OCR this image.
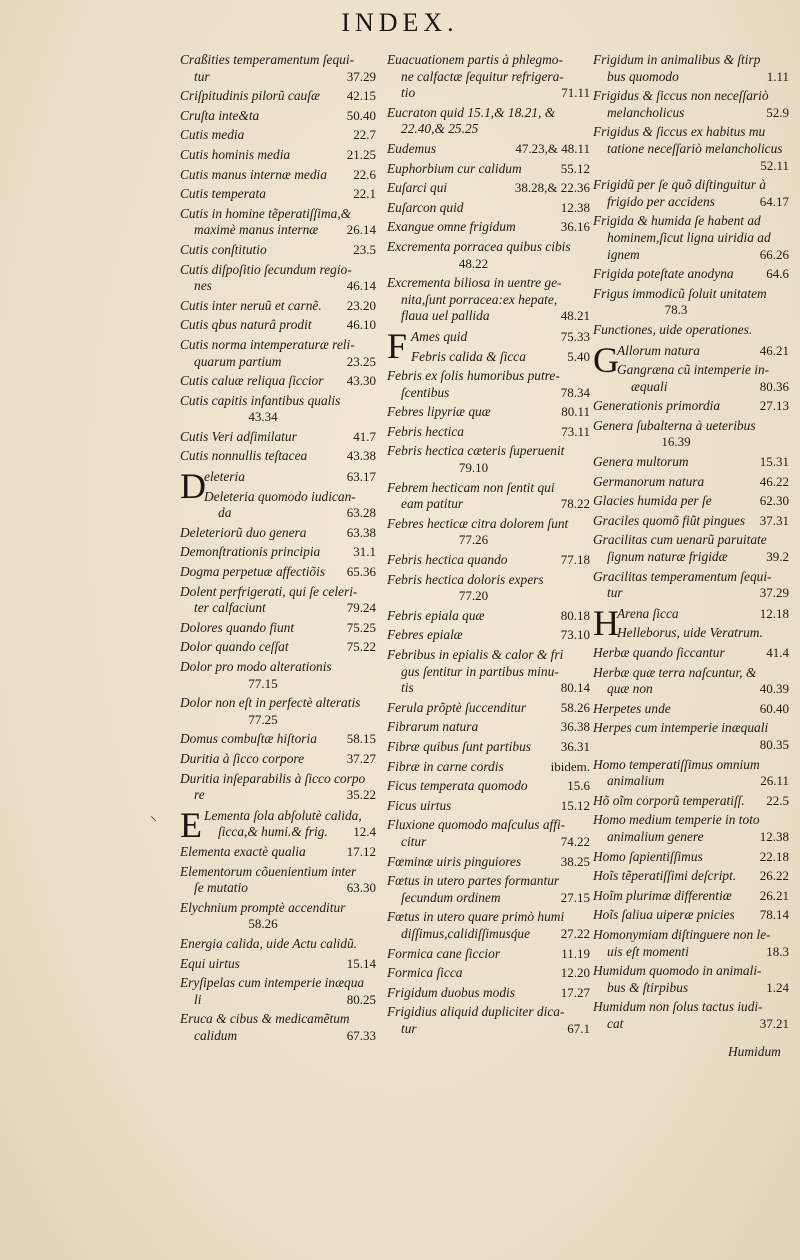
INDEX.
Craßities temperamentum ſequi-
tur	37.29
Criſpitudinis pilorũ cauſæ 42.15
Cruſta inte&ta	50.40
Cutis media	22.7
Cutis hominis media	21.25
Cutis manus internæ media 22.6
Cutis temperata	22.1
Cutis in homine tẽperatiſſima,&
maximè manus internæ	26.14
Cutis conſtitutio	23.5
Cutis diſpoſitio ſecundum regio-
nes	46.14
Cutis inter neruũ et carnẽ. 23.20
Cutis qbus naturâ prodit	46.10
Cutis norma intemperaturæ reli-
quarum partium	23.25
Cutis caluæ reliqua ſiccior 43.30
Cutis capitis infantibus qualis
43.34
Cutis Veri adſimilatur	41.7
Cutis nonnullis teſtacea	43.38
D
eleteria	63.17
Deleteria quomodo iudican-
da	63.28
Deleteriorũ duo genera	63.38
Demonſtrationis principia	31.1
Dogma perpetuæ affectiõis 65.36
Dolent perfrigerati, qui ſe celeri-
ter calfaciunt	79.24
Dolores quando fiunt	75.25
Dolor quando ceſſat	75.22
Dolor pro modo alterationis
77.15
Dolor non eſt in perfectè alteratis
77.25
Domus combuſtæ hiſtoria 58.15
Duritia à ſicco corpore	37.27
Duritia inſeparabilis à ſicco corpo
re	35.22
E Lementa ſola abſolutè calida,
ſicca,& humi.& frig.	12.4
Elementa exactè qualia	17.12
Elementorum cõuenientium inter
ſe mutatio	63.30
Elychnium promptè accenditur
58.26
Energia calida, uide Actu calidũ.
Equi uirtus	15.14
Eryſipelas cum intemperie inæqua
li	80.25
Eruca & cibus & medicamẽtum
calidum	67.33
Euacuationem partis à phlegmo-
ne calfactæ ſequitur refrigera-
tio	71.11
Eucraton quid 15.1,& 18.21, &
22.40,& 25.25
Eudemus	47.23,& 48.11
Euphorbium cur calidum	55.12
Euſarci qui	38.28,& 22.36
Euſarcon quid	12.38
Exangue omne frigidum	36.16
Excrementa porracea quibus cibis
48.22
Excrementa biliosa in uentre ge-
nita,ſunt porracea:ex hepate,
flaua uel pallida	48.21
F Ames quid	75.33
Febris calida & ſicca	5.40
Febris ex ſolis humoribus putre-
ſcentibus	78.34
Febres lipyriæ quæ	80.11
Febris hectica	73.11
Febris hectica cæteris ſuperuenit
79.10
Febrem hecticam non ſentit qui
eam patitur	78.22
Febres hecticæ citra dolorem ſunt
77.26
Febris hectica quando	77.18
Febris hectica doloris expers
77.20
Febris epiala quæ	80.18
Febres epialæ	73.10
Febribus in epialis & calor & fri
gus ſentitur in partibus minu-
tis	80.14
Ferula prõptè ſuccenditur	58.26
Fibrarum natura	36.38
Fibræ quibus ſunt partibus 36.31
Fibræ in carne cordis	ibidem.
Ficus temperata quomodo	15.6
Ficus uirtus	15.12
Fluxione quomodo maſculus affi-
citur	74.22
Fœminæ uiris pinguiores	38.25
Fœtus in utero partes formantur
ſecundum ordinem	27.15
Fœtus in utero quare primò humi
diſſimus,calidiſſimusq́ue	27.22
Formica cane ſiccior	11.19
Formica ſicca	12.20
Frigidum duobus modis	17.27
Frigidius aliquid dupliciter dica-
tur	67.1
Frigidum in animalibus & ſtirp
bus quomodo	1.11
Frigidus & ſiccus non neceſſariò
melancholicus	52.9
Frigidus & ſiccus ex habitus mu
tatione neceſſariò melancholicus
52.11
Frigidũ per ſe quõ diſtinguitur à
frigido per accidens	64.17
Frigida & humida ſe habent ad
hominem,ſicut ligna uiridia ad
ignem	66.26
Frigida poteſtate anodyna	64.6
Frigus immodicũ ſoluit unitatem
78.3
Functiones, uide operationes.
G
Allorum natura	46.21
Gangræna cũ intemperie in-
æquali	80.36
Generationis primordia	27.13
Genera ſubalterna à ueteribus
16.39
Genera multorum	15.31
Germanorum natura	46.22
Glacies humida per ſe	62.30
Graciles quomõ fiũt pingues 37.31
Gracilitas cum uenarũ paruitate
ſignum naturæ frigidæ	39.2
Gracilitas temperamentum ſequi-
tur	37.29
H
Arena ſicca	12.18
Helleborus, uide Veratrum.
Herbæ quando ſiccantur	41.4
Herbæ quæ terra naſcuntur, &
quæ non	40.39
Herpetes unde	60.40
Herpes cum intemperie inæquali
80.35
Homo temperatiſſimus omnium
animalium	26.11
Hõ oĩm corporũ temperatiſſ. 22.5
Homo medium temperie in toto
animalium genere	12.38
Homo ſapientiſſimus	22.18
Hoĩs tẽperatiſſimi deſcript. 26.22
Hoĩm plurimæ differentiæ 26.21
Hoĩs ſaliua uiperæ pnicies 78.14
Homonymiam diſtinguere non le-
uis eſt momenti	18.3
Humidum quomodo in animali-
bus & ſtirpibus	1.24
Humidum non ſolus tactus iudi-
cat	37.21
⸌
Humidum
